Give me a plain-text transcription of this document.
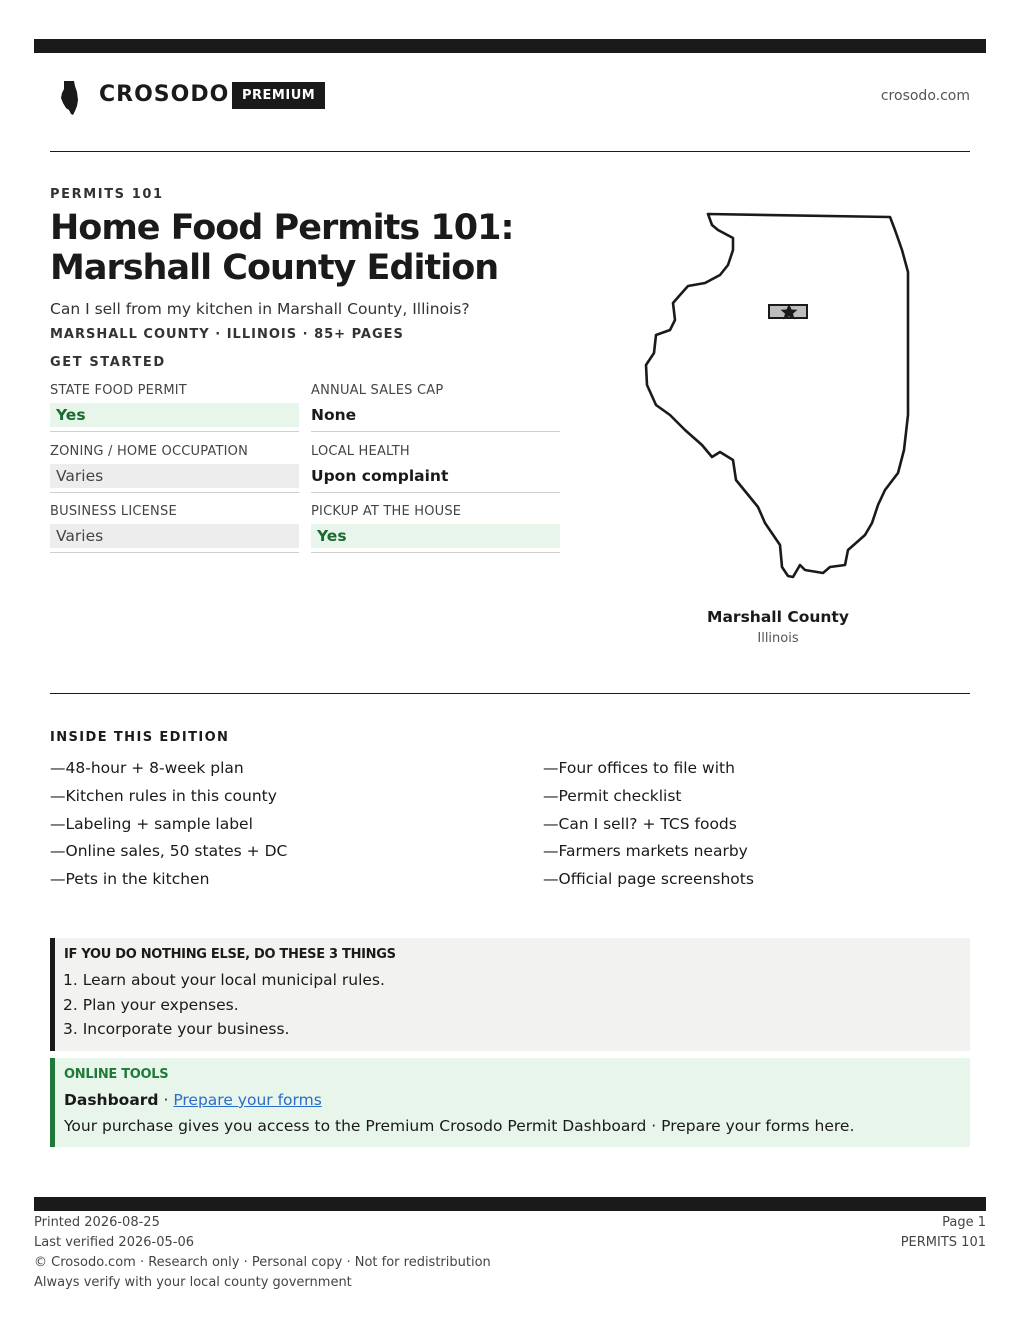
CROSODO PREMIUM	crosodo.com
PERMITS 101
Home Food Permits 101: Marshall County Edition
Can I sell from my kitchen in Marshall County, Illinois?
MARSHALL COUNTY · ILLINOIS · 85+ PAGES
GET STARTED
STATE FOOD PERMIT
Yes
ANNUAL SALES CAP
None
ZONING / HOME OCCUPATION
Varies
LOCAL HEALTH
Upon complaint
BUSINESS LICENSE
Varies
PICKUP AT THE HOUSE
Yes
Marshall County
Illinois
INSIDE THIS EDITION
—48-hour + 8-week plan
—Kitchen rules in this county
—Labeling + sample label
—Online sales, 50 states + DC
—Pets in the kitchen
—Four offices to file with
—Permit checklist
—Can I sell? + TCS foods
—Farmers markets nearby
—Official page screenshots
IF YOU DO NOTHING ELSE, DO THESE 3 THINGS
1. Learn about your local municipal rules.
2. Plan your expenses.
3. Incorporate your business.
ONLINE TOOLS
Dashboard · Prepare your forms
Your purchase gives you access to the Premium Crosodo Permit Dashboard · Prepare your forms here.
Printed 2026-08-25
Last verified 2026-05-06
© Crosodo.com · Research only · Personal copy · Not for redistribution
Always verify with your local county government
Page 1
PERMITS 101
